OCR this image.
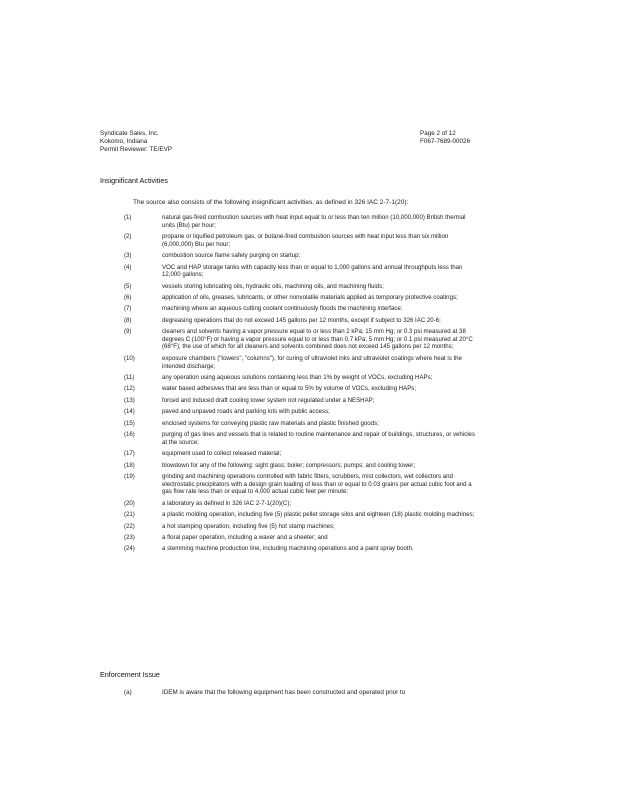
Syndicate Sales, Inc.
Kokomo, Indiana
Permit Reviewer: TE/EVP
Page 2 of 12
F067-7689-00026
Insignificant Activities
The source also consists of the following insignificant activities, as defined in 326 IAC 2-7-1(20):
(1)	natural gas-fired combustion sources with heat input equal to or less than ten million (10,000,000) British thermal units (Btu) per hour;
(2)	propane or liquified petroleum gas, or butane-fired combustion sources with heat input less than six million (6,000,000) Btu per hour;
(3)	combustion source flame safety purging on startup;
(4)	VOC and HAP storage tanks with capacity less than or equal to 1,000 gallons and annual throughputs less than 12,000 gallons;
(5)	vessels storing lubricating oils, hydraulic oils, machining oils, and machining fluids;
(6)	application of oils, greases, lubricants, or other nonvolatile materials applied as temporary protective coatings;
(7)	machining where an aqueous cutting coolant continuously floods the machining interface;
(8)	degreasing operations that do not exceed 145 gallons per 12 months, except if subject to 326 IAC 20-6;
(9)	cleaners and solvents having a vapor pressure equal to or less than 2 kPa; 15 mm Hg; or 0.3 psi measured at 38 degrees C (100°F) or having a vapor pressure equal to or less than 0.7 kPa; 5 mm Hg; or 0.1 psi measured at 20°C (68°F); the use of which for all cleaners and solvents combined does not exceed 145 gallons per 12 months;
(10)	exposure chambers ("towers", "columns"), for curing of ultraviolet inks and ultraviolet coatings where heat is the intended discharge;
(11)	any operation using aqueous solutions containing less than 1% by weight of VOCs, excluding HAPs;
(12)	water based adhesives that are less than or equal to 5% by volume of VOCs, excluding HAPs;
(13)	forced and induced draft cooling tower system not regulated under a NESHAP;
(14)	paved and unpaved roads and parking lots with public access;
(15)	enclosed systems for conveying plastic raw materials and plastic finished goods;
(16)	purging of gas lines and vessels that is related to routine maintenance and repair of buildings, structures, or vehicles at the source;
(17)	equipment used to collect released material;
(18)	blowdown for any of the following: sight glass; boiler; compressors; pumps; and cooling tower;
(19)	grinding and machining operations controlled with fabric filters, scrubbers, mist collectors, wet collectors and electrostatic precipitators with a design grain loading of less than or equal to 0.03 grains per actual cubic foot and a gas flow rate less than or equal to 4,000 actual cubic feet per minute;
(20)	a laboratory as defined in 326 IAC 2-7-1(20)(C);
(21)	a plastic molding operation, including five (5) plastic pellet storage silos and eighteen (18) plastic molding machines;
(22)	a hot stamping operation, including five (5) hot stamp machines;
(23)	a floral paper operation, including a waxer and a sheeter; and
(24)	a stemming machine production line, including machining operations and a paint spray booth.
Enforcement Issue
(a)	IDEM is aware that the following equipment has been constructed and operated prior to
